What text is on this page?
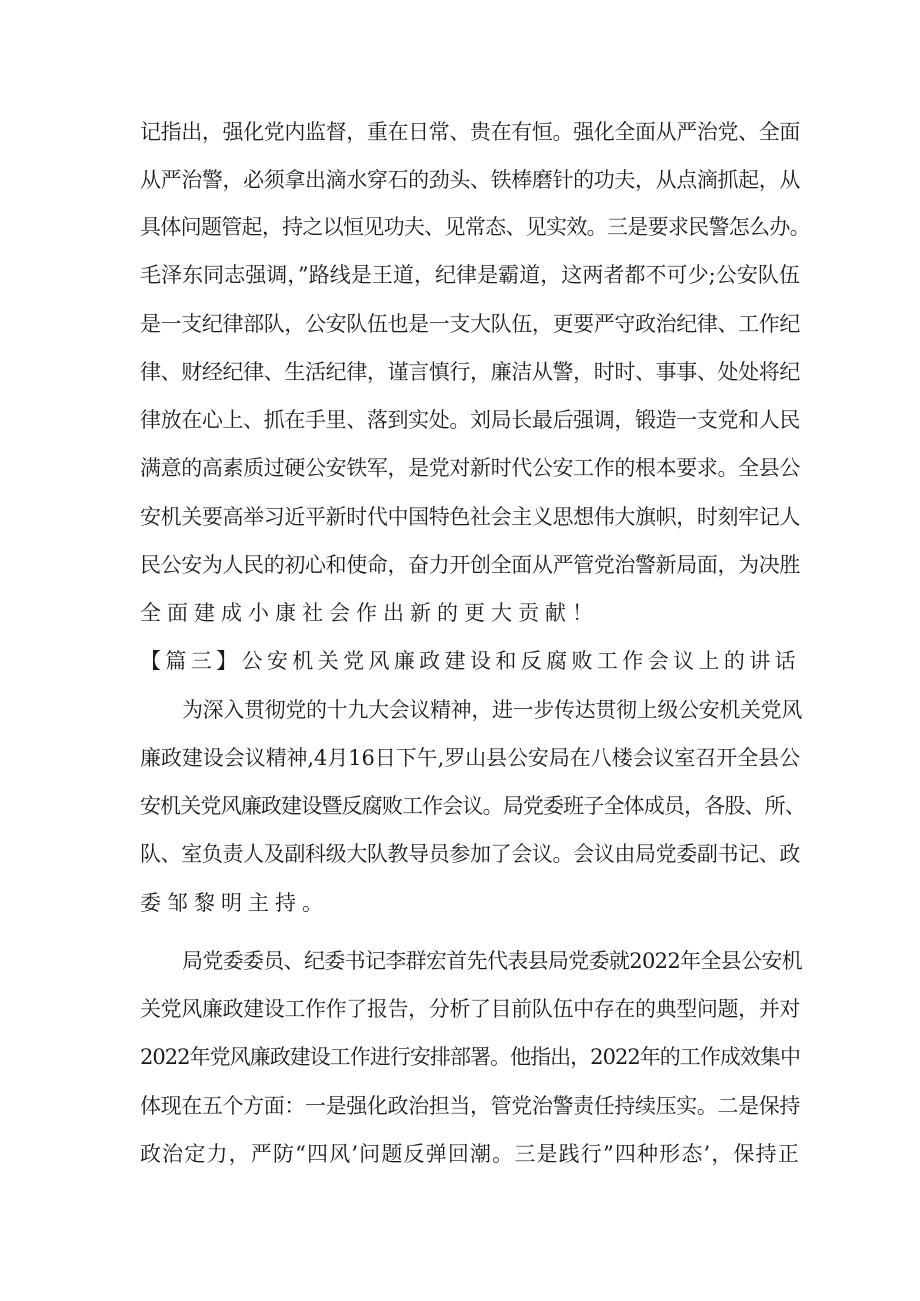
记指出，强化党内监督，重在日常、贵在有恒。强化全面从严治党、全面
从严治警，必须拿出滴水穿石的劲头、铁棒磨针的功夫，从点滴抓起，从
具体问题管起，持之以恒见功夫、见常态、见实效。三是要求民警怎么办。
毛泽东同志强调，”路线是王道，纪律是霸道，这两者都不可少;公安队伍
是一支纪律部队，公安队伍也是一支大队伍，更要严守政治纪律、工作纪
律、财经纪律、生活纪律，谨言慎行，廉洁从警，时时、事事、处处将纪
律放在心上、抓在手里、落到实处。刘局长最后强调，锻造一支党和人民
满意的高素质过硬公安铁军，是党对新时代公安工作的根本要求。全县公
安机关要高举习近平新时代中国特色社会主义思想伟大旗帜，时刻牢记人
民公安为人民的初心和使命，奋力开创全面从严管党治警新局面，为决胜
全面建成小康社会作出新的更大贡献！
【篇三】公安机关党风廉政建设和反腐败工作会议上的讲话
为深入贯彻党的十九大会议精神，进一步传达贯彻上级公安机关党风
廉政建设会议精神,4月16日下午,罗山县公安局在八楼会议室召开全县公
安机关党风廉政建设暨反腐败工作会议。局党委班子全体成员，各股、所、
队、室负责人及副科级大队教导员参加了会议。会议由局党委副书记、政
委邹黎明主持。
局党委委员、纪委书记李群宏首先代表县局党委就2022年全县公安机
关党风廉政建设工作作了报告，分析了目前队伍中存在的典型问题，并对
2022年党风廉政建设工作进行安排部署。他指出，2022年的工作成效集中
体现在五个方面：一是强化政治担当，管党治警责任持续压实。二是保持
政治定力，严防“四风’问题反弹回潮。三是践行”四种形态’，保持正
